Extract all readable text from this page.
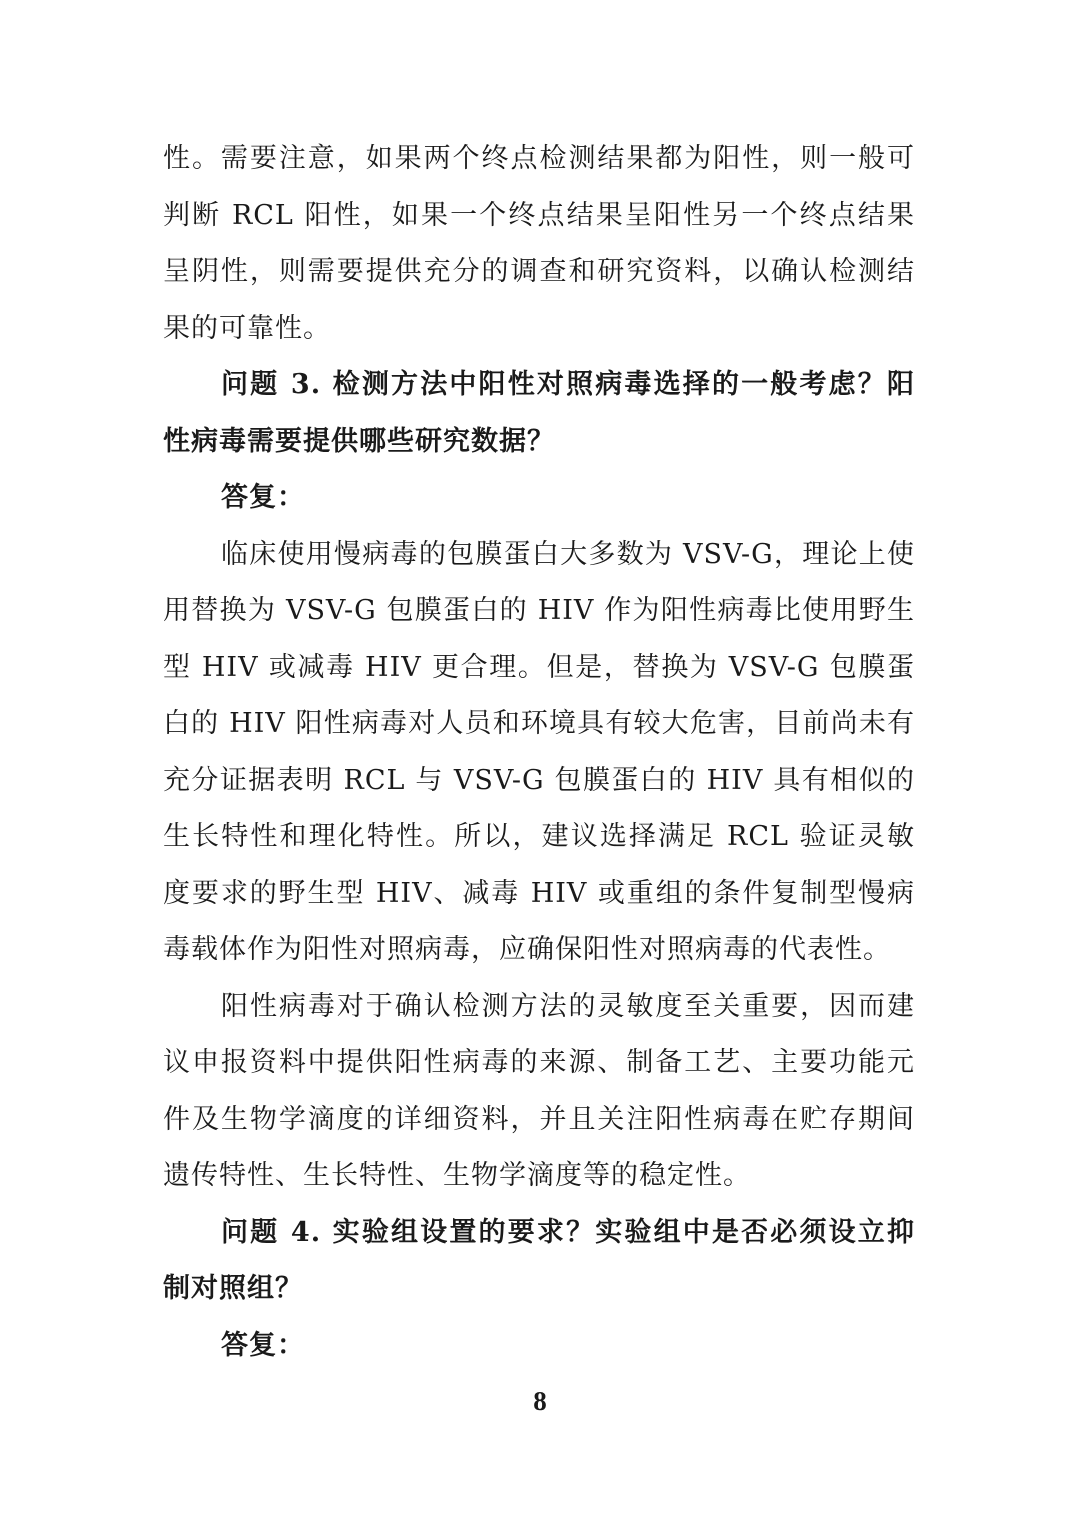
性。需要注意，如果两个终点检测结果都为阳性，则一般可判断 RCL 阳性，如果一个终点结果呈阳性另一个终点结果呈阴性，则需要提供充分的调查和研究资料，以确认检测结果的可靠性。

问题 3. 检测方法中阳性对照病毒选择的一般考虑？阳性病毒需要提供哪些研究数据？

答复：

临床使用慢病毒的包膜蛋白大多数为 VSV-G，理论上使用替换为 VSV-G 包膜蛋白的 HIV 作为阳性病毒比使用野生型 HIV 或减毒 HIV 更合理。但是，替换为 VSV-G 包膜蛋白的 HIV 阳性病毒对人员和环境具有较大危害，目前尚未有充分证据表明 RCL 与 VSV-G 包膜蛋白的 HIV 具有相似的生长特性和理化特性。所以，建议选择满足 RCL 验证灵敏度要求的野生型 HIV、减毒 HIV 或重组的条件复制型慢病毒载体作为阳性对照病毒，应确保阳性对照病毒的代表性。

阳性病毒对于确认检测方法的灵敏度至关重要，因而建议申报资料中提供阳性病毒的来源、制备工艺、主要功能元件及生物学滴度的详细资料，并且关注阳性病毒在贮存期间遗传特性、生长特性、生物学滴度等的稳定性。

问题 4. 实验组设置的要求？实验组中是否必须设立抑制对照组？

答复：

8
